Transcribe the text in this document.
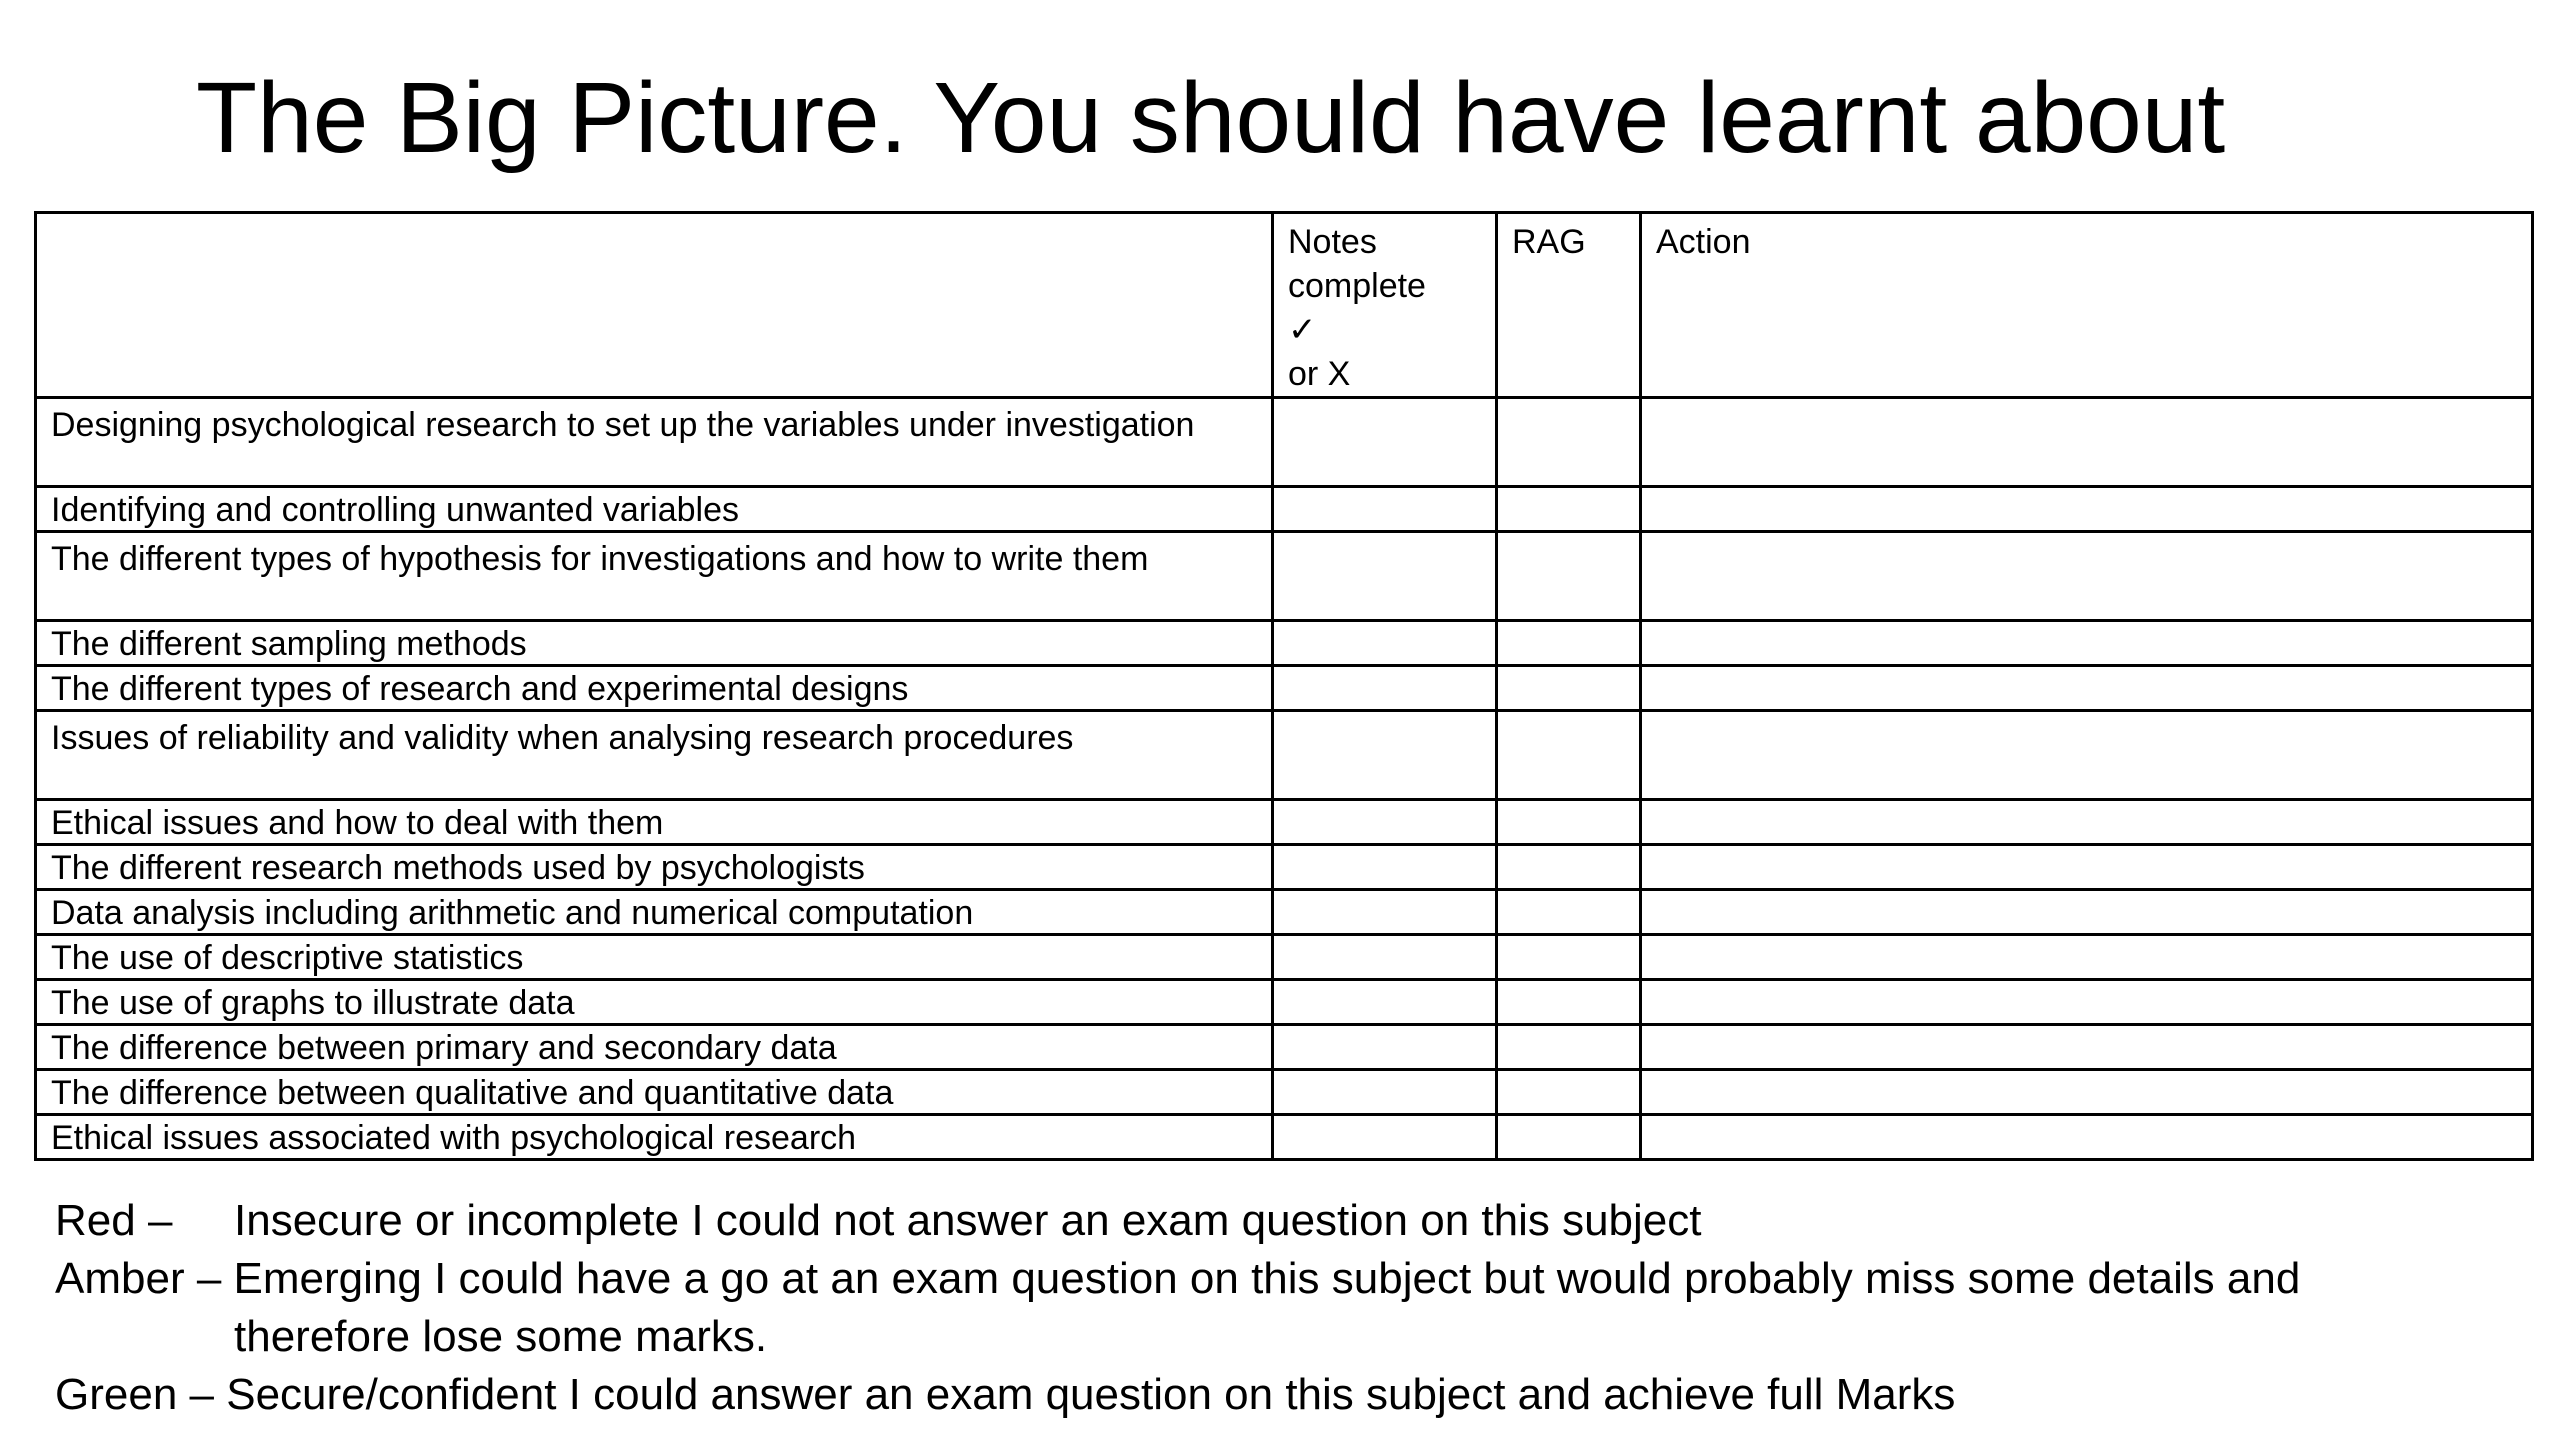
The Big Picture. You should have learnt about

	Notes
complete
✓
or X	RAG	Action
Designing psychological research to set up the variables under investigation			
Identifying and controlling unwanted variables			
The different types of hypothesis for investigations and how to write them			
The different sampling methods			
The different types of research and experimental designs			
Issues of reliability and validity when analysing research procedures			
Ethical issues and how to deal with them			
The different research methods used by psychologists			
Data analysis including arithmetic and numerical computation			
The use of descriptive statistics			
The use of graphs to illustrate data			
The difference between primary and secondary data			
The difference between qualitative and quantitative data			
Ethical issues associated with psychological research			
Red –	Insecure or incomplete I could not answer an exam question on this subject
Amber –
Emerging I could have a go at an exam question on this subject but would probably miss some details and
therefore lose some marks.
Green –
Secure/confident I could answer an exam question on this subject and achieve full Marks
